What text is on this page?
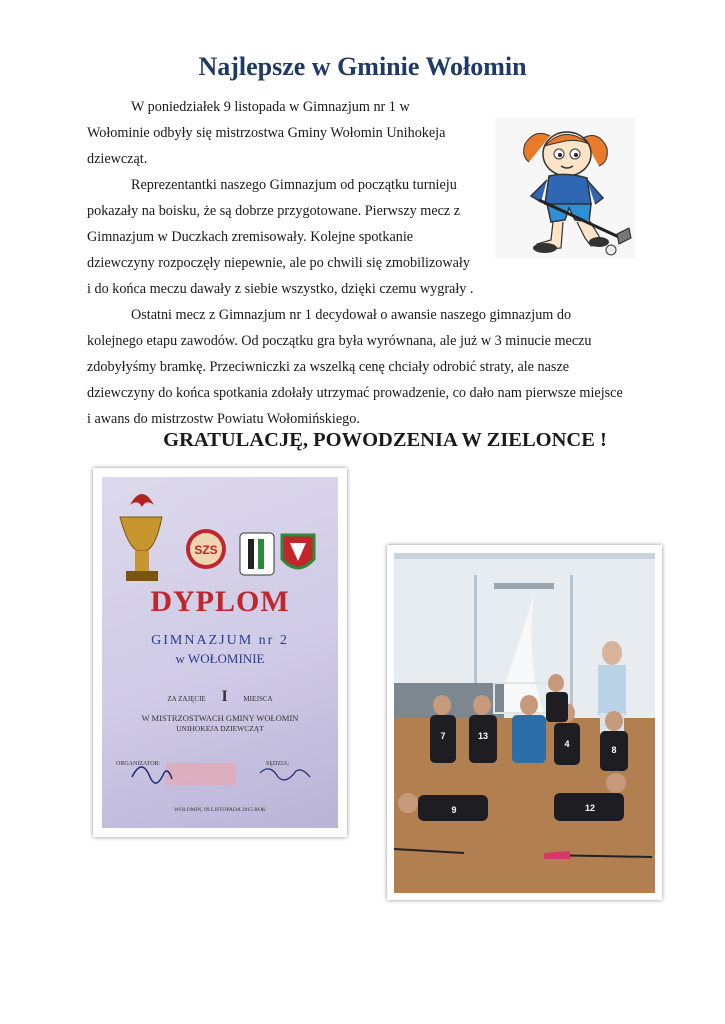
Najlepsze w Gminie Wołomin
W poniedziałek 9 listopada w Gimnazjum nr 1 w
Wołominie odbyły się mistrzostwa Gminy Wołomin Unihokeja
dziewcząt.
Reprezentantki naszego Gimnazjum od początku turnieju
pokazały na boisku, że są dobrze przygotowane. Pierwszy mecz z
Gimnazjum w Duczkach zremisowały. Kolejne spotkanie
dziewczyny rozpoczęły niepewnie, ale po chwili się zmobilizowały
i do końca meczu dawały z siebie wszystko, dzięki czemu wygrały .
Ostatni mecz z Gimnazjum nr 1 decydował o awansie naszego gimnazjum do
kolejnego etapu zawodów. Od początku gra była wyrównana, ale już w 3 minucie meczu
zdobyłyśmy bramkę. Przeciwniczki za wszelką cenę chciały odrobić straty, ale nasze
dziewczyny do końca spotkania zdołały utrzymać prowadzenie, co dało nam pierwsze miejsce
i awans do mistrzostw Powiatu Wołomińskiego.
GRATULACJĘ, POWODZENIA W ZIELONCE !
SZS
DYPLOM
GIMNAZJUM nr 2
w WOŁOMINIE
ZA ZAJĘCIE I MIEJSCA
W MISTRZOSTWACH GMINY WOŁOMIN
UNIHOKEJA DZIEWCZĄT
ORGANIZATOR:	SĘDZIA:
WOŁOMIN, 09 LISTOPADA 2015 ROK
7	13
4
8
9	12
